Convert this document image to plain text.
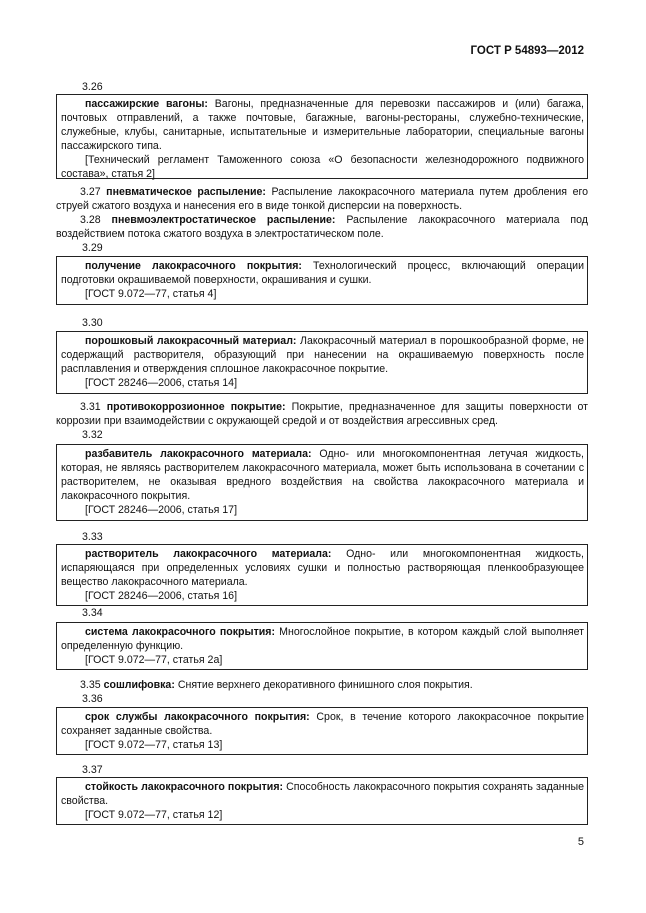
ГОСТ Р 54893—2012
3.26

пассажирские вагоны: Вагоны, предназначенные для перевозки пассажиров и (или) багажа, почтовых отправлений, а также почтовые, багажные, вагоны-рестораны, служебно-технические, служебные, клубы, санитарные, испытательные и измерительные лаборатории, специальные вагоны пассажирского типа.

[Технический регламент Таможенного союза «О безопасности железнодорожного подвижного состава», статья 2]

3.27 пневматическое распыление: Распыление лакокрасочного материала путем дробления его струей сжатого воздуха и нанесения его в виде тонкой дисперсии на поверхность.

3.28 пневмоэлектростатическое распыление: Распыление лакокрасочного материала под воздействием потока сжатого воздуха в электростатическом поле.

3.29

получение лакокрасочного покрытия: Технологический процесс, включающий операции подготовки окрашиваемой поверхности, окрашивания и сушки.

[ГОСТ 9.072—77, статья 4]

3.30

порошковый лакокрасочный материал: Лакокрасочный материал в порошкообразной форме, не содержащий растворителя, образующий при нанесении на окрашиваемую поверхность после расплавления и отверждения сплошное лакокрасочное покрытие.

[ГОСТ 28246—2006, статья 14]

3.31 противокоррозионное покрытие: Покрытие, предназначенное для защиты поверхности от коррозии при взаимодействии с окружающей средой и от воздействия агрессивных сред.

3.32

разбавитель лакокрасочного материала: Одно- или многокомпонентная летучая жидкость, которая, не являясь растворителем лакокрасочного материала, может быть использована в сочетании с растворителем, не оказывая вредного воздействия на свойства лакокрасочного материала и лакокрасочного покрытия.

[ГОСТ 28246—2006, статья 17]

3.33

растворитель лакокрасочного материала: Одно- или многокомпонентная жидкость, испаряющаяся при определенных условиях сушки и полностью растворяющая пленкообразующее вещество лакокрасочного материала.

[ГОСТ 28246—2006, статья 16]

3.34

система лакокрасочного покрытия: Многослойное покрытие, в котором каждый слой выполняет определенную функцию.

[ГОСТ 9.072—77, статья 2а]

3.35 сошлифовка: Снятие верхнего декоративного финишного слоя покрытия.

3.36

срок службы лакокрасочного покрытия: Срок, в течение которого лакокрасочное покрытие сохраняет заданные свойства.

[ГОСТ 9.072—77, статья 13]

3.37

стойкость лакокрасочного покрытия: Способность лакокрасочного покрытия сохранять заданные свойства.

[ГОСТ 9.072—77, статья 12]

5
